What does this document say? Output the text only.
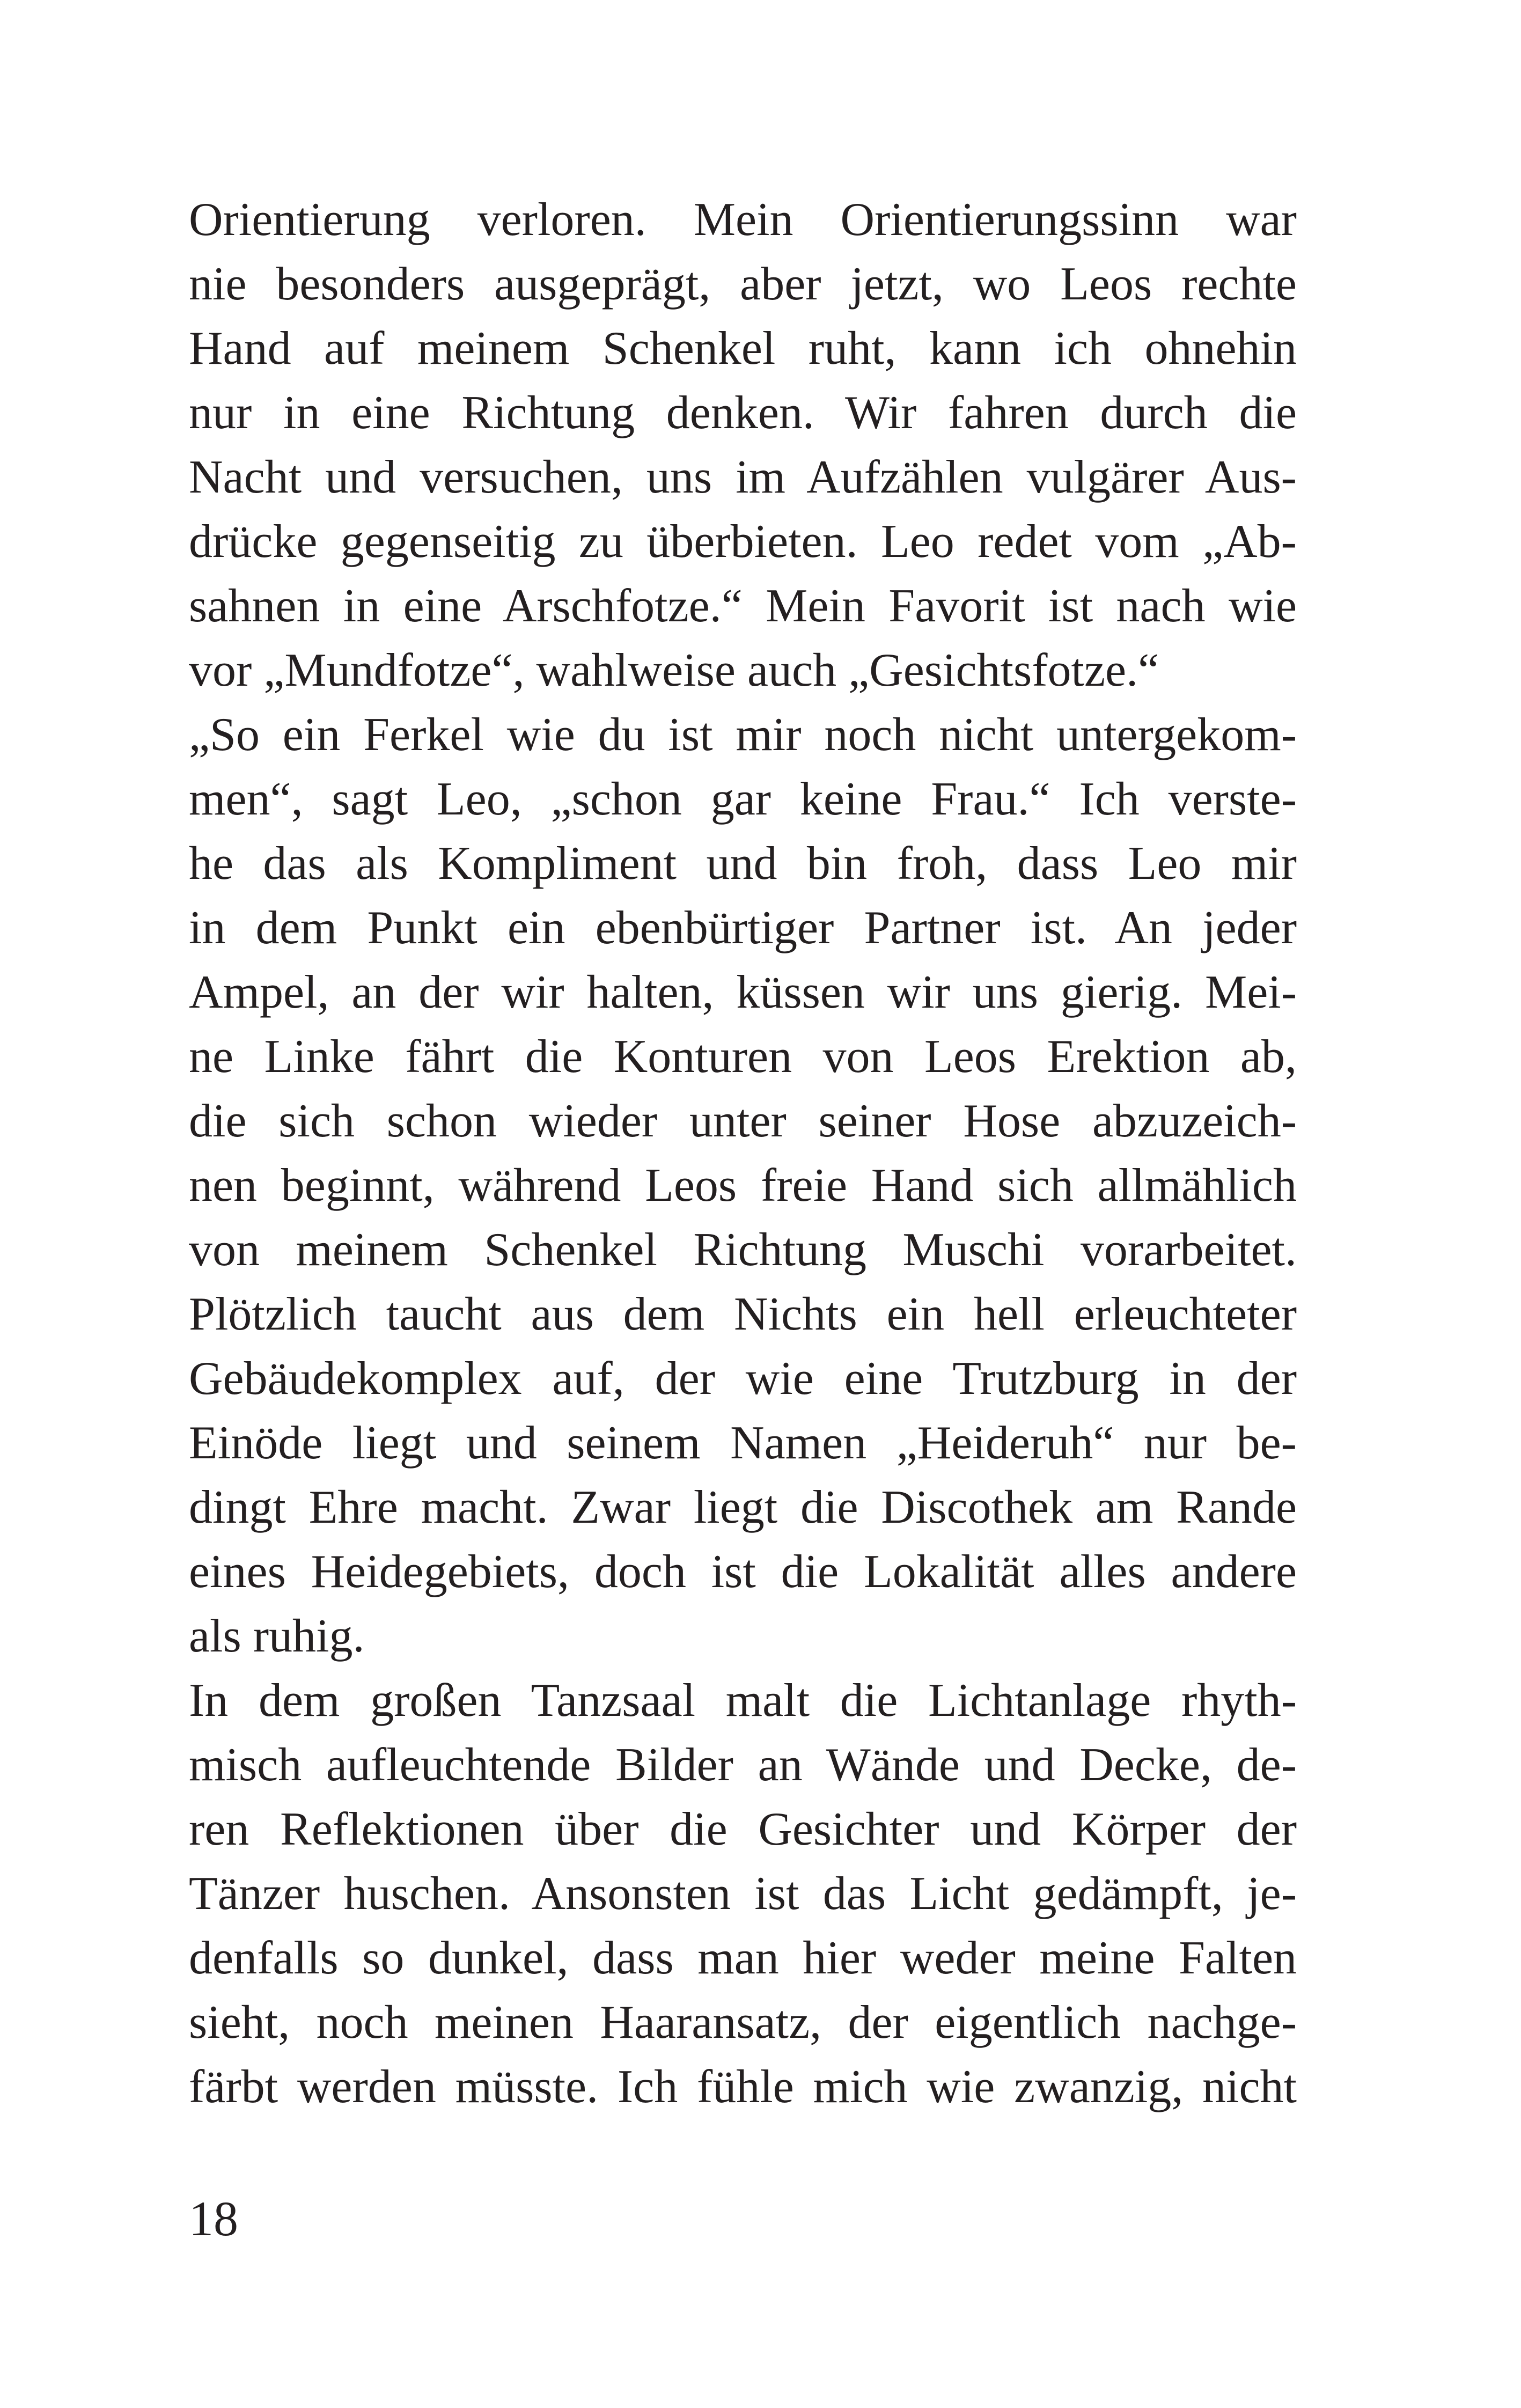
Orientierung verloren. Mein Orientierungssinn war
nie besonders ausgeprägt, aber jetzt, wo Leos rechte
Hand auf meinem Schenkel ruht, kann ich ohnehin
nur in eine Richtung denken. Wir fahren durch die
Nacht und versuchen, uns im Aufzählen vulgärer Aus-
drücke gegenseitig zu überbieten. Leo redet vom „Ab-
sahnen in eine Arschfotze.“ Mein Favorit ist nach wie
vor „Mundfotze“, wahlweise auch „Gesichtsfotze.“
„So ein Ferkel wie du ist mir noch nicht untergekom-
men“, sagt Leo, „schon gar keine Frau.“ Ich verste-
he das als Kompliment und bin froh, dass Leo mir
in dem Punkt ein ebenbürtiger Partner ist. An jeder
Ampel, an der wir halten, küssen wir uns gierig. Mei-
ne Linke fährt die Konturen von Leos Erektion ab,
die sich schon wieder unter seiner Hose abzuzeich-
nen beginnt, während Leos freie Hand sich allmählich
von meinem Schenkel Richtung Muschi vorarbeitet.
Plötzlich taucht aus dem Nichts ein hell erleuchteter
Gebäudekomplex auf, der wie eine Trutzburg in der
Einöde liegt und seinem Namen „Heideruh“ nur be-
dingt Ehre macht. Zwar liegt die Discothek am Rande
eines Heidegebiets, doch ist die Lokalität alles andere
als ruhig.
In dem großen Tanzsaal malt die Lichtanlage rhyth-
misch aufleuchtende Bilder an Wände und Decke, de-
ren Reflektionen über die Gesichter und Körper der
Tänzer huschen. Ansonsten ist das Licht gedämpft, je-
denfalls so dunkel, dass man hier weder meine Falten
sieht, noch meinen Haaransatz, der eigentlich nachge-
färbt werden müsste. Ich fühle mich wie zwanzig, nicht
18
